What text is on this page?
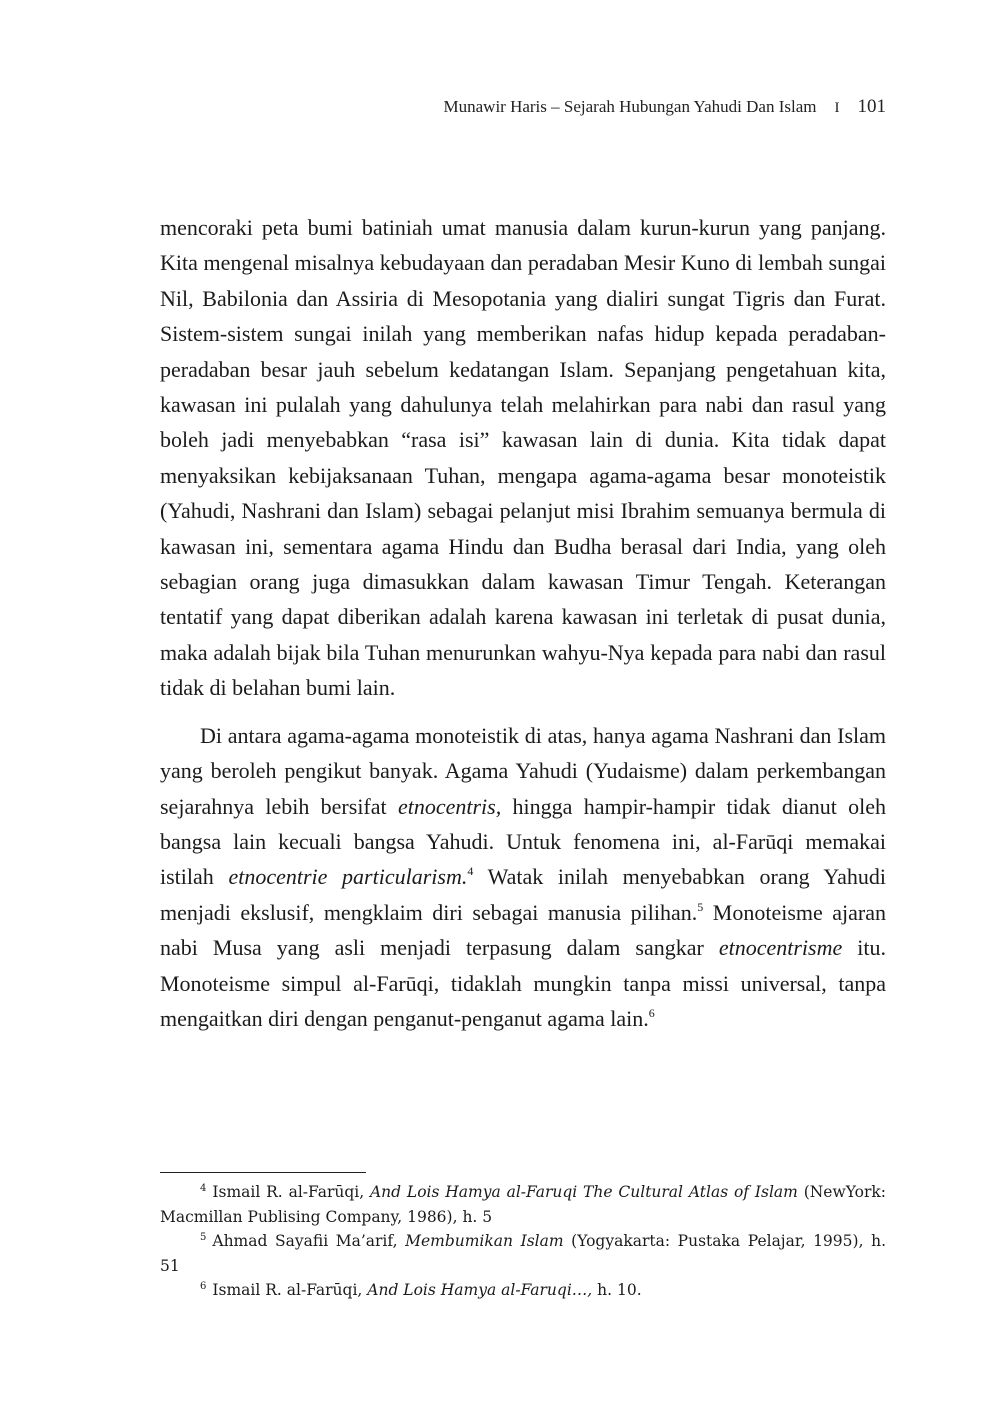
Munawir Haris – Sejarah Hubungan Yahudi Dan Islam I 101

mencoraki peta bumi batiniah umat manusia dalam kurun-kurun yang panjang. Kita mengenal misalnya kebudayaan dan peradaban Mesir Kuno di lembah sungai Nil, Babilonia dan Assiria di Mesopotania yang dialiri sungat Tigris dan Furat. Sistem-sistem sungai inilah yang memberikan nafas hidup kepada peradaban-peradaban besar jauh sebelum kedatangan Islam. Sepanjang pengetahuan kita, kawasan ini pulalah yang dahulunya telah melahirkan para nabi dan rasul yang boleh jadi menyebabkan “rasa isi” kawasan lain di dunia. Kita tidak dapat menyaksikan kebijaksanaan Tuhan, mengapa agama-agama besar monoteistik (Yahudi, Nashrani dan Islam) sebagai pelanjut misi Ibrahim semuanya bermula di kawasan ini, sementara agama Hindu dan Budha berasal dari India, yang oleh sebagian orang juga dimasukkan dalam kawasan Timur Tengah. Keterangan tentatif yang dapat diberikan adalah karena kawasan ini terletak di pusat dunia, maka adalah bijak bila Tuhan menurunkan wahyu-Nya kepada para nabi dan rasul tidak di belahan bumi lain.

Di antara agama-agama monoteistik di atas, hanya agama Nashrani dan Islam yang beroleh pengikut banyak. Agama Yahudi (Yudaisme) dalam perkembangan sejarahnya lebih bersifat etnocentris, hingga hampir-hampir tidak dianut oleh bangsa lain kecuali bangsa Yahudi. Untuk fenomena ini, al-Farūqi memakai istilah etnocentrie particularism.$^4$ Watak inilah menyebabkan orang Yahudi menjadi ekslusif, mengklaim diri sebagai manusia pilihan.$^5$ Monoteisme ajaran nabi Musa yang asli menjadi terpasung dalam sangkar etnocentrisme itu. Monoteisme simpul al-Farūqi, tidaklah mungkin tanpa missi universal, tanpa mengaitkan diri dengan penganut-penganut agama lain.$^6$

$^4$ Ismail R. al-Farūqi, And Lois Hamya al-Faruqi The Cultural Atlas of Islam (NewYork: Macmillan Publising Company, 1986), h. 5

$^5$ Ahmad Sayafii Ma’arif, Membumikan Islam (Yogyakarta: Pustaka Pelajar, 1995), h. 51

$^6$ Ismail R. al-Farūqi, And Lois Hamya al-Faruqi…, h. 10.
